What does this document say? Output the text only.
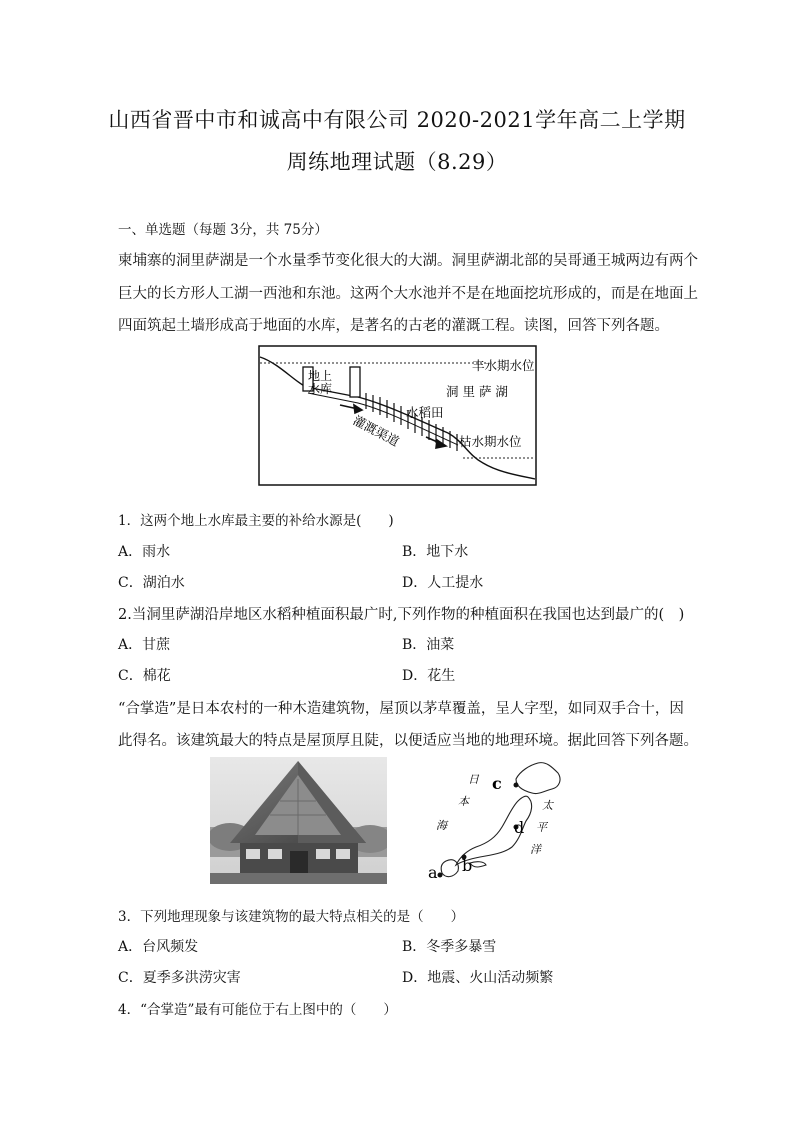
山西省晋中市和诚高中有限公司 2020-2021学年高二上学期
周练地理试题（8.29）
一、单选题（每题 3分，共 75分）
柬埔寨的洞里萨湖是一个水量季节变化很大的大湖。洞里萨湖北部的吴哥通王城两边有两个
巨大的长方形人工湖一西池和东池。这两个大水池并不是在地面挖坑形成的，而是在地面上
四面筑起土墙形成高于地面的水库，是著名的古老的灌溉工程。读图，回答下列各题。
地上
水库
丰水期水位
洞 里 萨 湖
水稻田
枯水期水位
灌溉渠道
1．这两个地上水库最主要的补给水源是(　　)
A．雨水	B．地下水
C．湖泊水	D．人工提水
2.当洞里萨湖沿岸地区水稻种植面积最广时,下列作物的种植面积在我国也达到最广的(　)
A．甘蔗	B．油菜
C．棉花	D．花生
“合掌造”是日本农村的一种木造建筑物，屋顶以茅草覆盖，呈人字型，如同双手合十，因
此得名。该建筑最大的特点是屋顶厚且陡，以便适应当地的地理环境。据此回答下列各题。
a b
c
d
日
本
海
太
平
洋
3．下列地理现象与该建筑物的最大特点相关的是（　　）
A．台风频发	B．冬季多暴雪
C．夏季多洪涝灾害	D．地震、火山活动频繁
4．“合掌造”最有可能位于右上图中的（　　）
